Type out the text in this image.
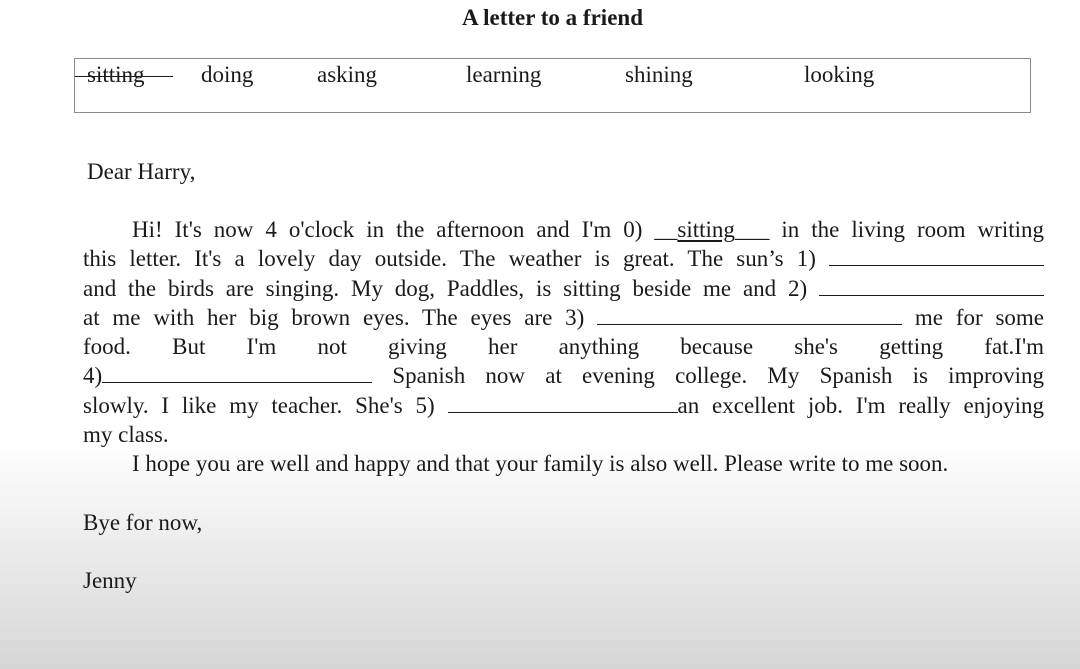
A letter to a friend
sitting doing	asking	learning	shining	looking
Dear Harry,

Hi! It's now 4 o'clock in the afternoon and I'm 0) __sitting___ in the living room writing

this letter. It's a lovely day outside. The weather is great. The sun’s 1)

and the birds are singing. My dog, Paddles, is sitting beside me and 2)

at me with her big brown eyes. The eyes are 3)	me for some

food. But I'm not giving her anything because she's getting fat.I'm

4)	Spanish now at evening college. My Spanish is improving

slowly. I like my teacher. She's 5)	an excellent job. I'm really enjoying

my class.

I hope you are well and happy and that your family is also well. Please write to me soon.

Bye for now,
Jenny
